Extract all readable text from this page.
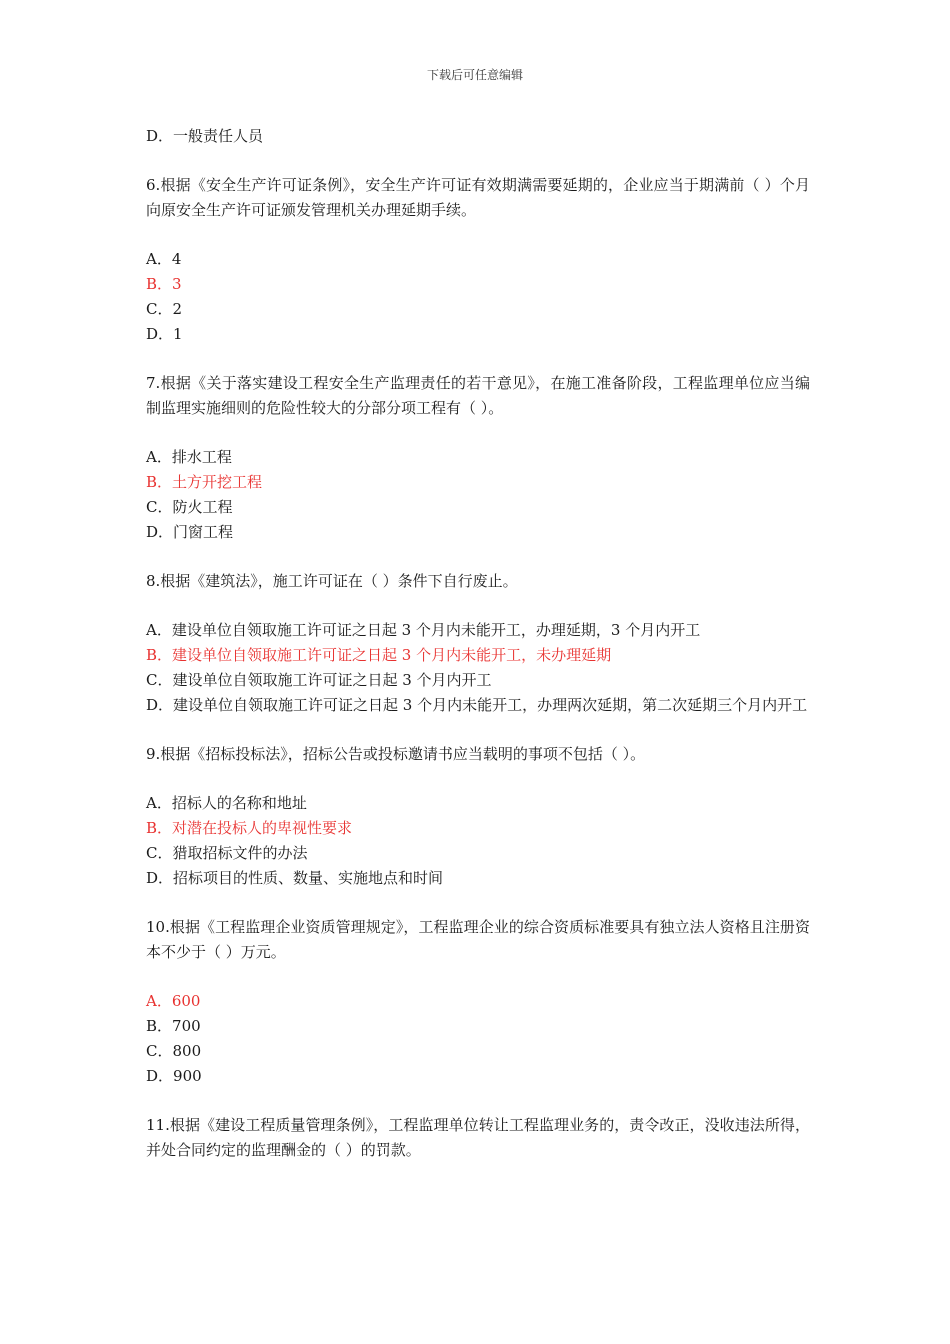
下载后可任意编辑
D．一般责任人员
6.根据《安全生产许可证条例》，安全生产许可证有效期满需要延期的，企业应当于期满前（ ）个月向原安全生产许可证颁发管理机关办理延期手续。
A．4
B．3
C．2
D．1
7.根据《关于落实建设工程安全生产监理责任的若干意见》，在施工准备阶段，工程监理单位应当编制监理实施细则的危险性较大的分部分项工程有（ ）。
A．排水工程
B．土方开挖工程
C．防火工程
D．门窗工程
8.根据《建筑法》，施工许可证在（ ）条件下自行废止。
A．建设单位自领取施工许可证之日起 3 个月内未能开工，办理延期，3 个月内开工
B．建设单位自领取施工许可证之日起 3 个月内未能开工，未办理延期
C．建设单位自领取施工许可证之日起 3 个月内开工
D．建设单位自领取施工许可证之日起 3 个月内未能开工，办理两次延期，第二次延期三个月内开工
9.根据《招标投标法》，招标公告或投标邀请书应当载明的事项不包括（ ）。
A．招标人的名称和地址
B．对潜在投标人的卑视性要求
C．猎取招标文件的办法
D．招标项目的性质、数量、实施地点和时间
10.根据《工程监理企业资质管理规定》，工程监理企业的综合资质标准要具有独立法人资格且注册资本不少于（ ）万元。
A．600
B．700
C．800
D．900
11.根据《建设工程质量管理条例》，工程监理单位转让工程监理业务的，责令改正，没收违法所得，并处合同约定的监理酬金的（ ）的罚款。
